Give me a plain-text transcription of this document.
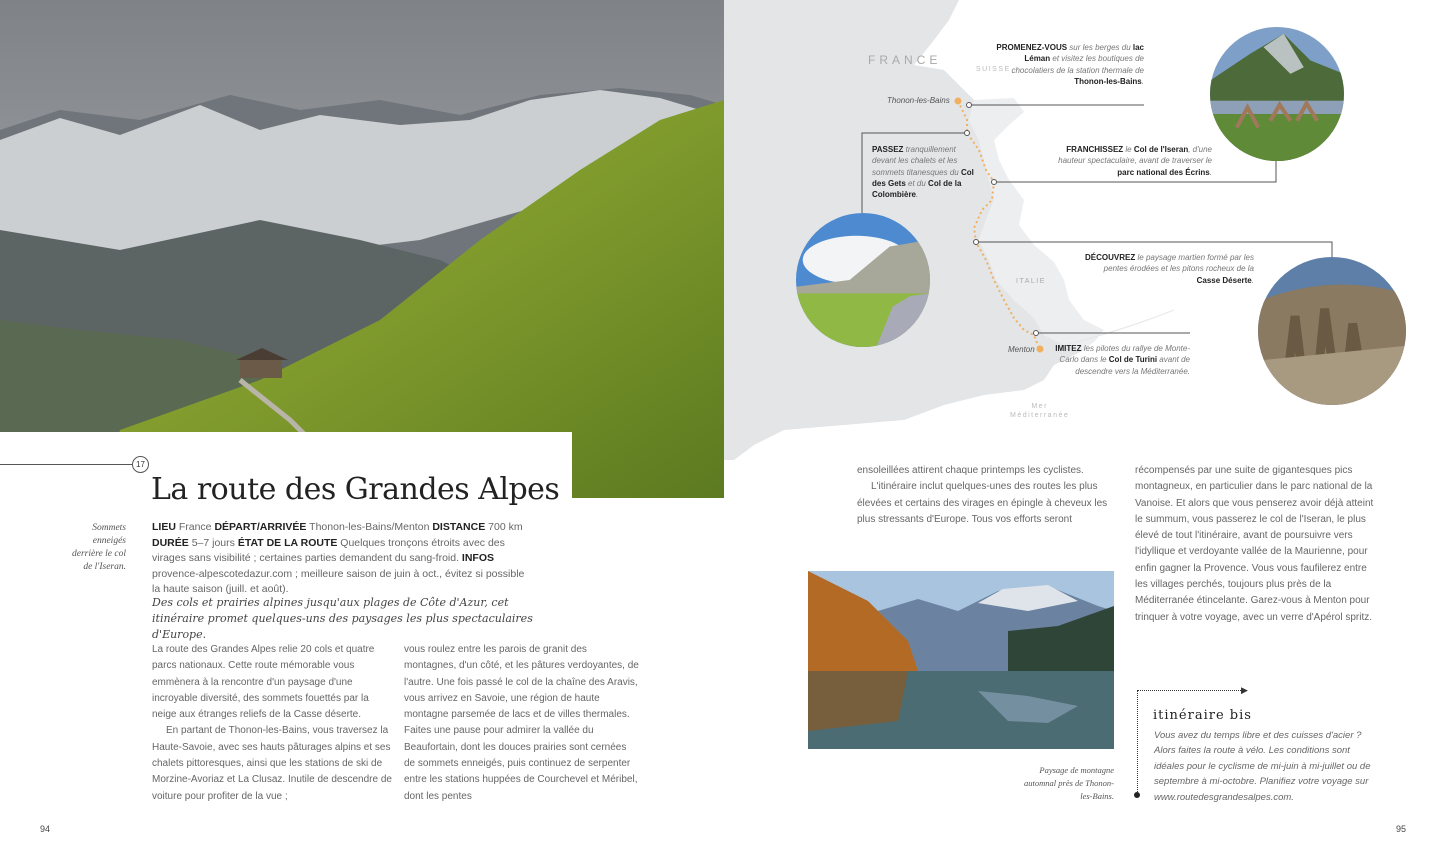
17
La route des Grandes Alpes
Sommets enneigés derrière le col de l'Iseran.
LIEU France DÉPART/ARRIVÉE Thonon-les-Bains/Menton DISTANCE 700 km
DURÉE 5–7 jours ÉTAT DE LA ROUTE Quelques tronçons étroits avec des virages sans visibilité ; certaines parties demandent du sang-froid. INFOS provence-alpescotedazur.com ; meilleure saison de juin à oct., évitez si possible la haute saison (juill. et août).

Des cols et prairies alpines jusqu'aux plages de Côte d'Azur, cet itinéraire promet quelques-uns des paysages les plus spectaculaires d'Europe.

La route des Grandes Alpes relie 20 cols et quatre parcs nationaux. Cette route mémorable vous emmènera à la rencontre d'un paysage d'une incroyable diversité, des sommets fouettés par la neige aux étranges reliefs de la Casse déserte.

En partant de Thonon-les-Bains, vous traversez la Haute-Savoie, avec ses hauts pâturages alpins et ses chalets pittoresques, ainsi que les stations de ski de Morzine-Avoriaz et La Clusaz. Inutile de descendre de voiture pour profiter de la vue ;

vous roulez entre les parois de granit des montagnes, d'un côté, et les pâtures verdoyantes, de l'autre. Une fois passé le col de la chaîne des Aravis, vous arrivez en Savoie, une région de haute montagne parsemée de lacs et de villes thermales. Faites une pause pour admirer la vallée du Beaufortain, dont les douces prairies sont cernées de sommets enneigés, puis continuez de serpenter entre les stations huppées de Courchevel et Méribel, dont les pentes

94
FRANCE
SUISSE
ITALIE
Mer
Méditerranée
Thonon-les-Bains
Menton
PROMENEZ-VOUS sur les berges du lac Léman et visitez les boutiques de chocolatiers de la station thermale de Thonon-les-Bains.
PASSEZ tranquillement devant les chalets et les sommets titanesques du Col des Gets et du Col de la Colombière.
FRANCHISSEZ le Col de l'Iseran, d'une hauteur spectaculaire, avant de traverser le parc national des Écrins.
DÉCOUVREZ le paysage martien formé par les pentes érodées et les pitons rocheux de la Casse Déserte.
IMITEZ les pilotes du rallye de Monte-Carlo dans le Col de Turini avant de descendre vers la Méditerranée.

ensoleillées attirent chaque printemps les cyclistes.

L'itinéraire inclut quelques-unes des routes les plus élevées et certains des virages en épingle à cheveux les plus stressants d'Europe. Tous vos efforts seront

récompensés par une suite de gigantesques pics montagneux, en particulier dans le parc national de la Vanoise. Et alors que vous penserez avoir déjà atteint le summum, vous passerez le col de l'Iseran, le plus élevé de tout l'itinéraire, avant de poursuivre vers l'idyllique et verdoyante vallée de la Maurienne, pour enfin gagner la Provence. Vous vous faufilerez entre les villages perchés, toujours plus près de la Méditerranée étincelante. Garez-vous à Menton pour trinquer à votre voyage, avec un verre d'Apérol spritz.

Paysage de montagne automnal près de Thonon-les-Bains.
▶
itinéraire bis
Vous avez du temps libre et des cuisses d'acier ? Alors faites la route à vélo. Les conditions sont idéales pour le cyclisme de mi-juin à mi-juillet ou de septembre à mi-octobre. Planifiez votre voyage sur www.routedesgrandesalpes.com.
95
